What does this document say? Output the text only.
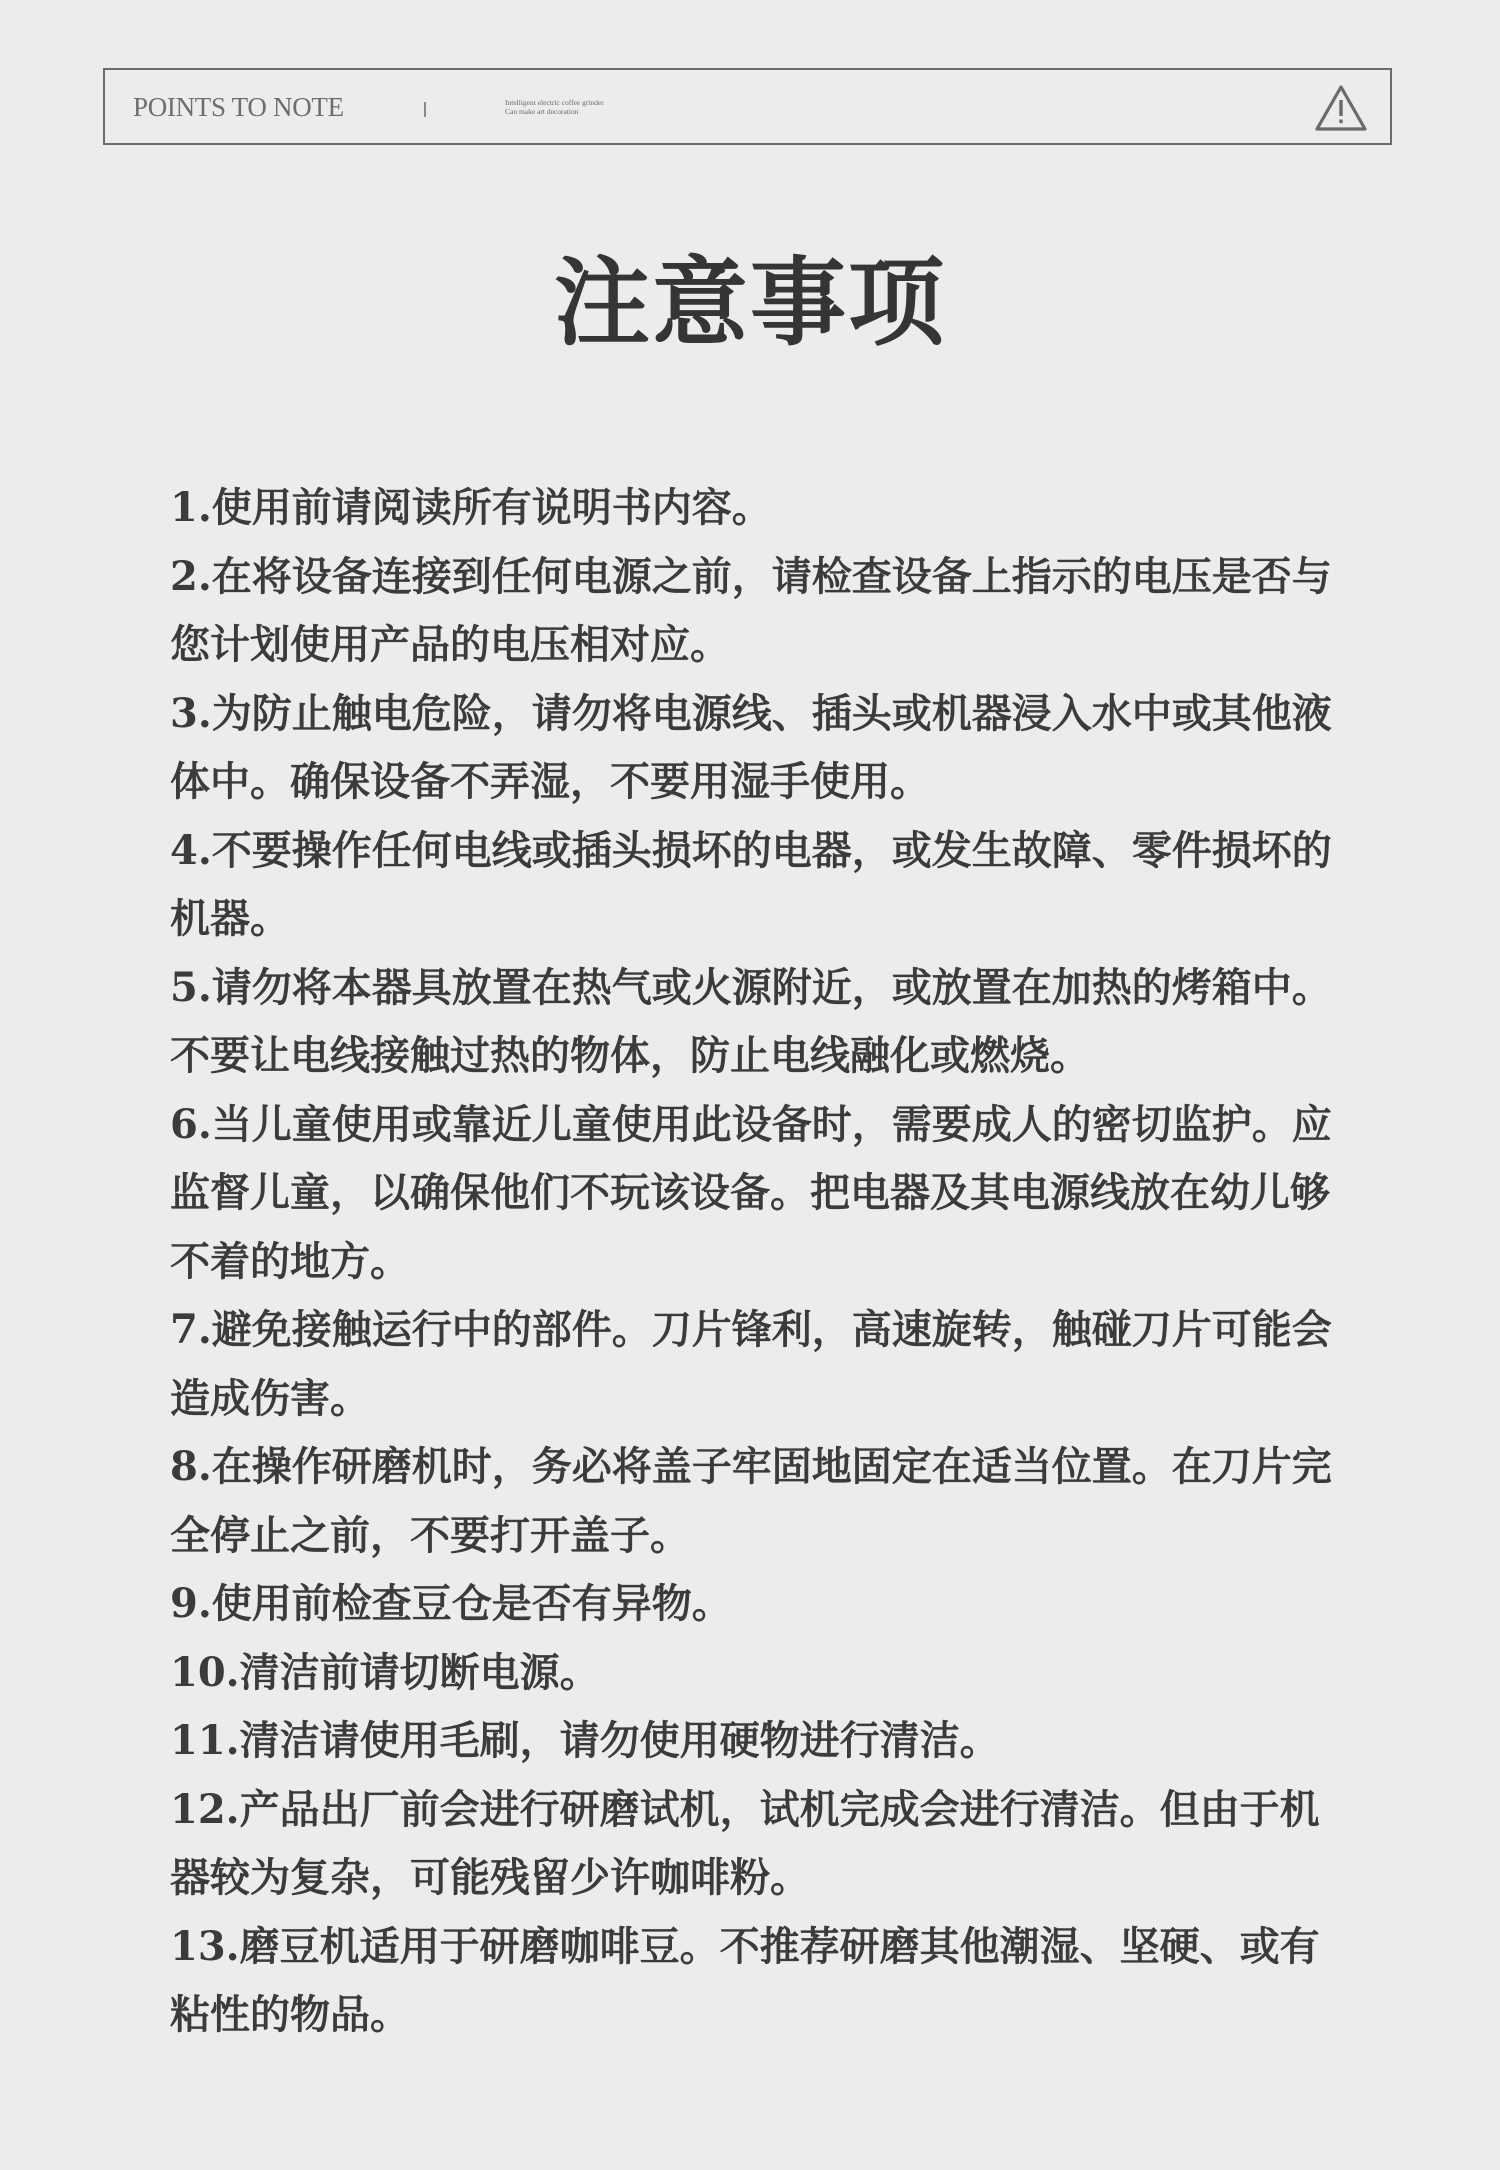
POINTS TO NOTE	Intelligent electric coffee grinder
Can make art decoration
注意事项
1.使用前请阅读所有说明书内容。
2.在将设备连接到任何电源之前，请检查设备上指示的电压是否与您计划使用产品的电压相对应。
3.为防止触电危险，请勿将电源线、插头或机器浸入水中或其他液体中。确保设备不弄湿，不要用湿手使用。
4.不要操作任何电线或插头损坏的电器，或发生故障、零件损坏的机器。
5.请勿将本器具放置在热气或火源附近，或放置在加热的烤箱中。不要让电线接触过热的物体，防止电线融化或燃烧。
6.当儿童使用或靠近儿童使用此设备时，需要成人的密切监护。应监督儿童，以确保他们不玩该设备。把电器及其电源线放在幼儿够不着的地方。
7.避免接触运行中的部件。刀片锋利，高速旋转，触碰刀片可能会造成伤害。
8.在操作研磨机时，务必将盖子牢固地固定在适当位置。在刀片完全停止之前，不要打开盖子。
9.使用前检查豆仓是否有异物。
10.清洁前请切断电源。
11.清洁请使用毛刷，请勿使用硬物进行清洁。
12.产品出厂前会进行研磨试机，试机完成会进行清洁。但由于机器较为复杂，可能残留少许咖啡粉。
13.磨豆机适用于研磨咖啡豆。不推荐研磨其他潮湿、坚硬、或有粘性的物品。
